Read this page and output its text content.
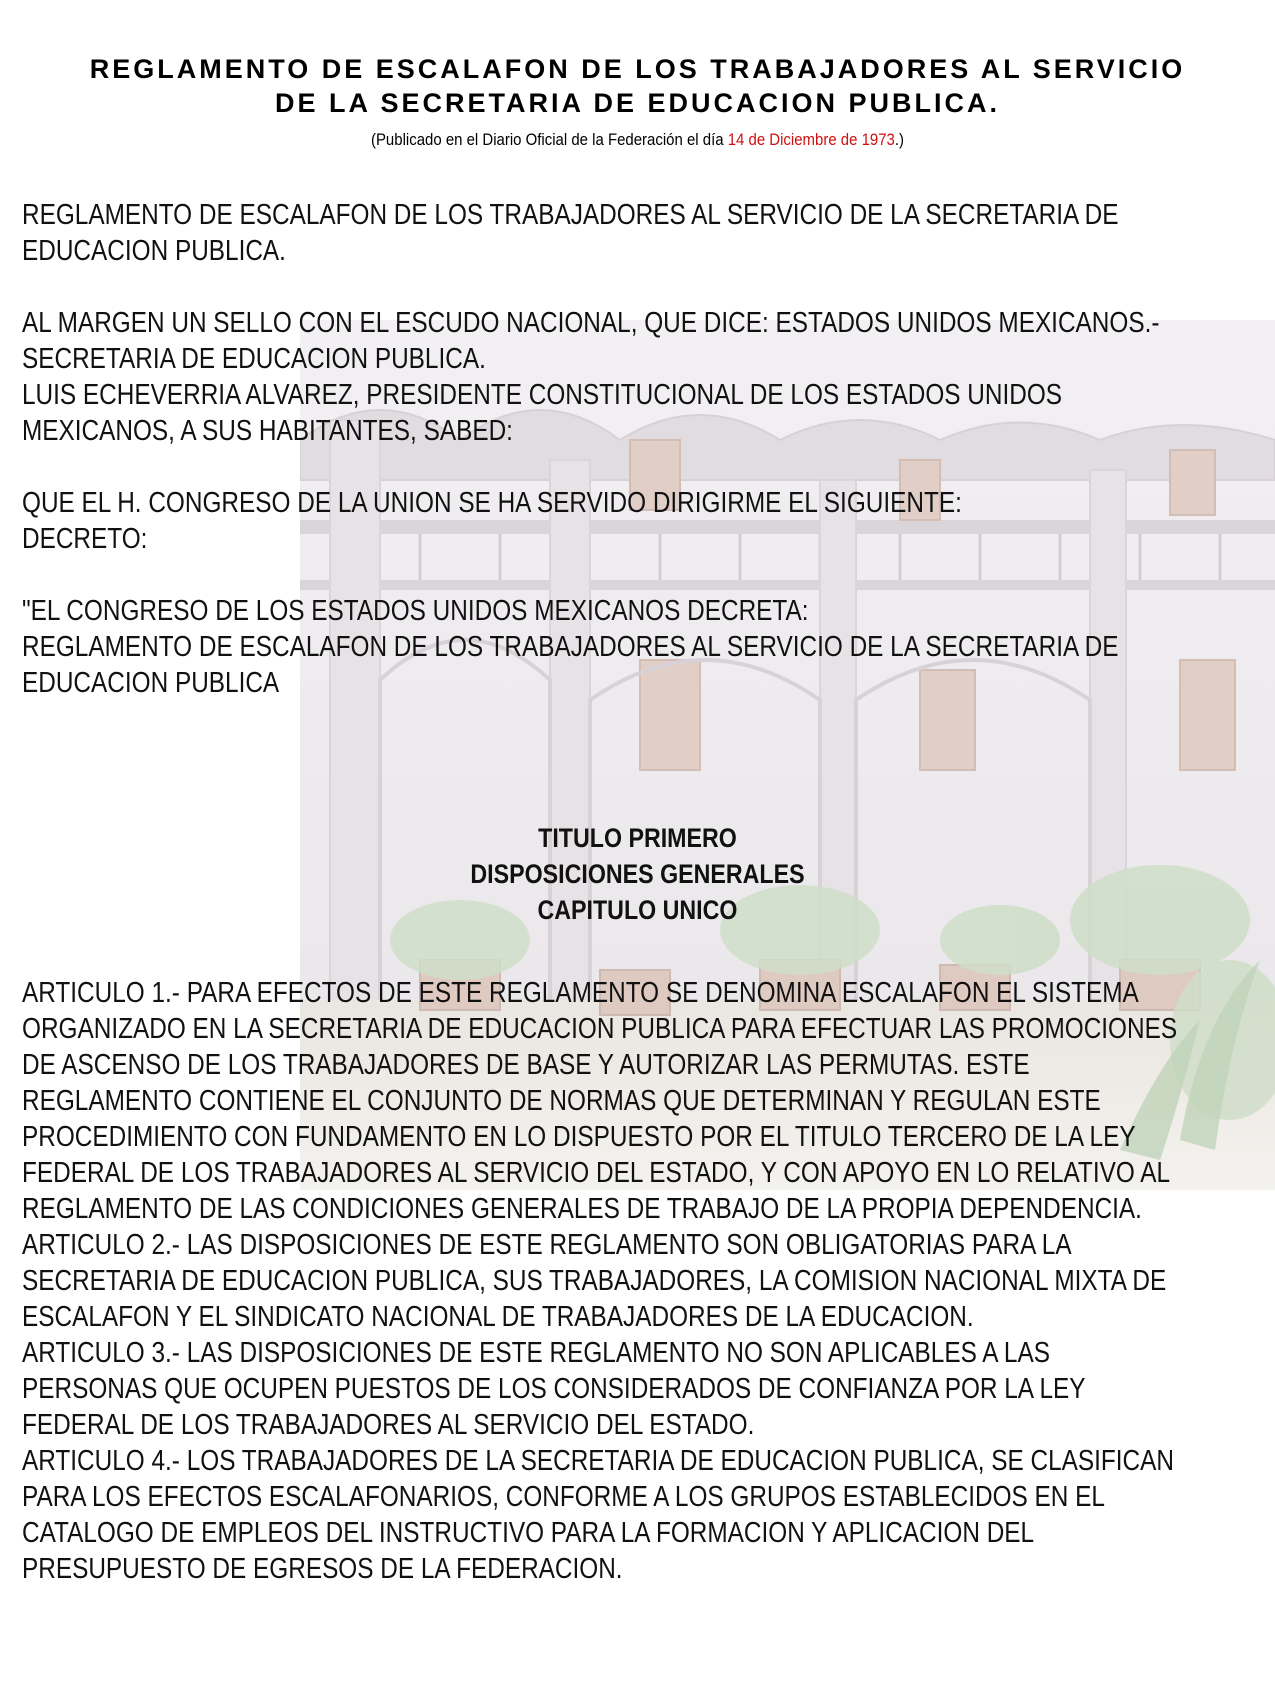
REGLAMENTO DE ESCALAFON DE LOS TRABAJADORES AL SERVICIO
DE LA SECRETARIA DE EDUCACION PUBLICA.
(Publicado en el Diario Oficial de la Federación el día 14 de Diciembre de 1973.)
REGLAMENTO DE ESCALAFON DE LOS TRABAJADORES AL SERVICIO DE LA SECRETARIA DE
EDUCACION PUBLICA.
AL MARGEN UN SELLO CON EL ESCUDO NACIONAL, QUE DICE: ESTADOS UNIDOS MEXICANOS.-
SECRETARIA DE EDUCACION PUBLICA.
LUIS ECHEVERRIA ALVAREZ, PRESIDENTE CONSTITUCIONAL DE LOS ESTADOS UNIDOS
MEXICANOS, A SUS HABITANTES, SABED:
QUE EL H. CONGRESO DE LA UNION SE HA SERVIDO DIRIGIRME EL SIGUIENTE:
DECRETO:
"EL CONGRESO DE LOS ESTADOS UNIDOS MEXICANOS DECRETA:
REGLAMENTO DE ESCALAFON DE LOS TRABAJADORES AL SERVICIO DE LA SECRETARIA DE
EDUCACION PUBLICA
TITULO PRIMERO
DISPOSICIONES GENERALES
CAPITULO UNICO
ARTICULO 1.- PARA EFECTOS DE ESTE REGLAMENTO SE DENOMINA ESCALAFON EL SISTEMA
ORGANIZADO EN LA SECRETARIA DE EDUCACION PUBLICA PARA EFECTUAR LAS PROMOCIONES
DE ASCENSO DE LOS TRABAJADORES DE BASE Y AUTORIZAR LAS PERMUTAS. ESTE
REGLAMENTO CONTIENE EL CONJUNTO DE NORMAS QUE DETERMINAN Y REGULAN ESTE
PROCEDIMIENTO CON FUNDAMENTO EN LO DISPUESTO POR EL TITULO TERCERO DE LA LEY
FEDERAL DE LOS TRABAJADORES AL SERVICIO DEL ESTADO, Y CON APOYO EN LO RELATIVO AL
REGLAMENTO DE LAS CONDICIONES GENERALES DE TRABAJO DE LA PROPIA DEPENDENCIA.
ARTICULO 2.- LAS DISPOSICIONES DE ESTE REGLAMENTO SON OBLIGATORIAS PARA LA
SECRETARIA DE EDUCACION PUBLICA, SUS TRABAJADORES, LA COMISION NACIONAL MIXTA DE
ESCALAFON Y EL SINDICATO NACIONAL DE TRABAJADORES DE LA EDUCACION.
ARTICULO 3.- LAS DISPOSICIONES DE ESTE REGLAMENTO NO SON APLICABLES A LAS
PERSONAS QUE OCUPEN PUESTOS DE LOS CONSIDERADOS DE CONFIANZA POR LA LEY
FEDERAL DE LOS TRABAJADORES AL SERVICIO DEL ESTADO.
ARTICULO 4.- LOS TRABAJADORES DE LA SECRETARIA DE EDUCACION PUBLICA, SE CLASIFICAN
PARA LOS EFECTOS ESCALAFONARIOS, CONFORME A LOS GRUPOS ESTABLECIDOS EN EL
CATALOGO DE EMPLEOS DEL INSTRUCTIVO PARA LA FORMACION Y APLICACION DEL
PRESUPUESTO DE EGRESOS DE LA FEDERACION.
